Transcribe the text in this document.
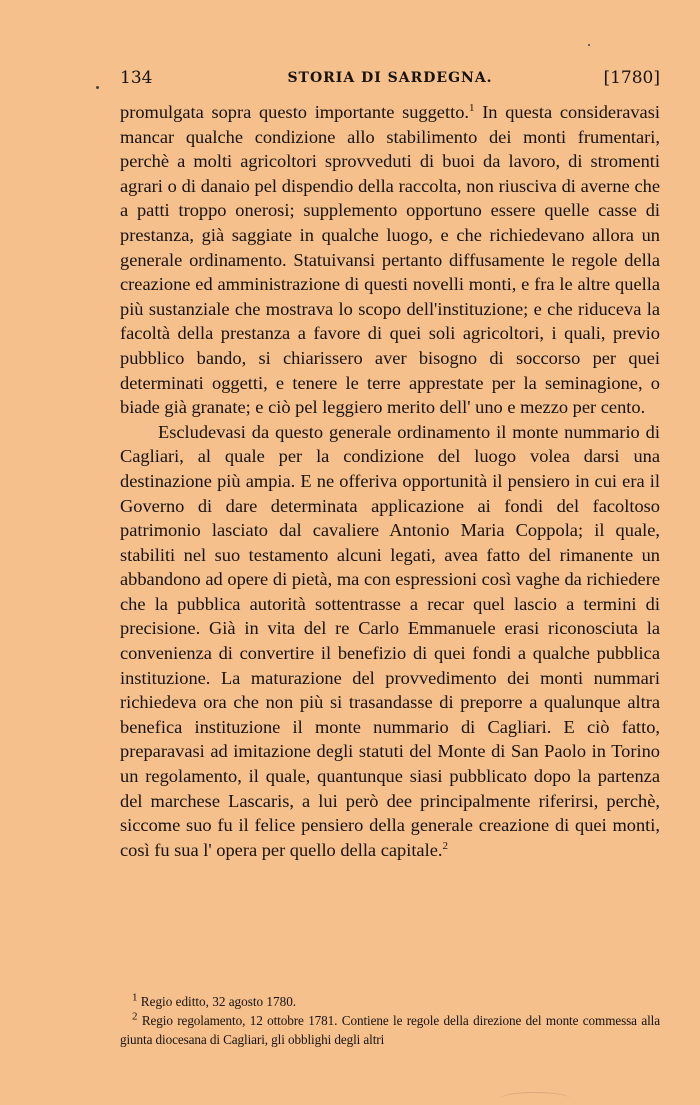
134	STORIA DI SARDEGNA.	[1780]

promulgata sopra questo importante suggetto.$^1$ In questa consideravasi mancar qualche condizione allo stabilimento dei monti frumentari, perchè a molti agricoltori sprovveduti di buoi da lavoro, di stromenti agrari o di danaio pel dispendio della raccolta, non riusciva di averne che a patti troppo onerosi; supplemento opportuno essere quelle casse di prestanza, già saggiate in qualche luogo, e che richiedevano allora un generale ordinamento. Statuivansi pertanto diffusamente le regole della creazione ed amministrazione di questi novelli monti, e fra le altre quella più sustanziale che mostrava lo scopo dell'instituzione; e che riduceva la facoltà della prestanza a favore di quei soli agricoltori, i quali, previo pubblico bando, si chiarissero aver bisogno di soccorso per quei determinati oggetti, e tenere le terre apprestate per la seminagione, o biade già granate; e ciò pel leggiero merito dell' uno e mezzo per cento.

Escludevasi da questo generale ordinamento il monte nummario di Cagliari, al quale per la condizione del luogo volea darsi una destinazione più ampia. E ne offeriva opportunità il pensiero in cui era il Governo di dare determinata applicazione ai fondi del facoltoso patrimonio lasciato dal cavaliere Antonio Maria Coppola; il quale, stabiliti nel suo testamento alcuni legati, avea fatto del rimanente un abbandono ad opere di pietà, ma con espressioni così vaghe da richiedere che la pubblica autorità sottentrasse a recar quel lascio a termini di precisione. Già in vita del re Carlo Emmanuele erasi riconosciuta la convenienza di convertire il benefizio di quei fondi a qualche pubblica instituzione. La maturazione del provvedimento dei monti nummari richiedeva ora che non più si trasandasse di preporre a qualunque altra benefica instituzione il monte nummario di Cagliari. E ciò fatto, preparavasi ad imitazione degli statuti del Monte di San Paolo in Torino un regolamento, il quale, quantunque siasi pubblicato dopo la partenza del marchese Lascaris, a lui però dee principalmente riferirsi, perchè, siccome suo fu il felice pensiero della generale creazione di quei monti, così fu sua l' opera per quello della capitale.$^2$

$^1$ Regio editto, 32 agosto 1780.

$^2$ Regio regolamento, 12 ottobre 1781. Contiene le regole della direzione del monte commessa alla giunta diocesana di Cagliari, gli obblighi degli altri
